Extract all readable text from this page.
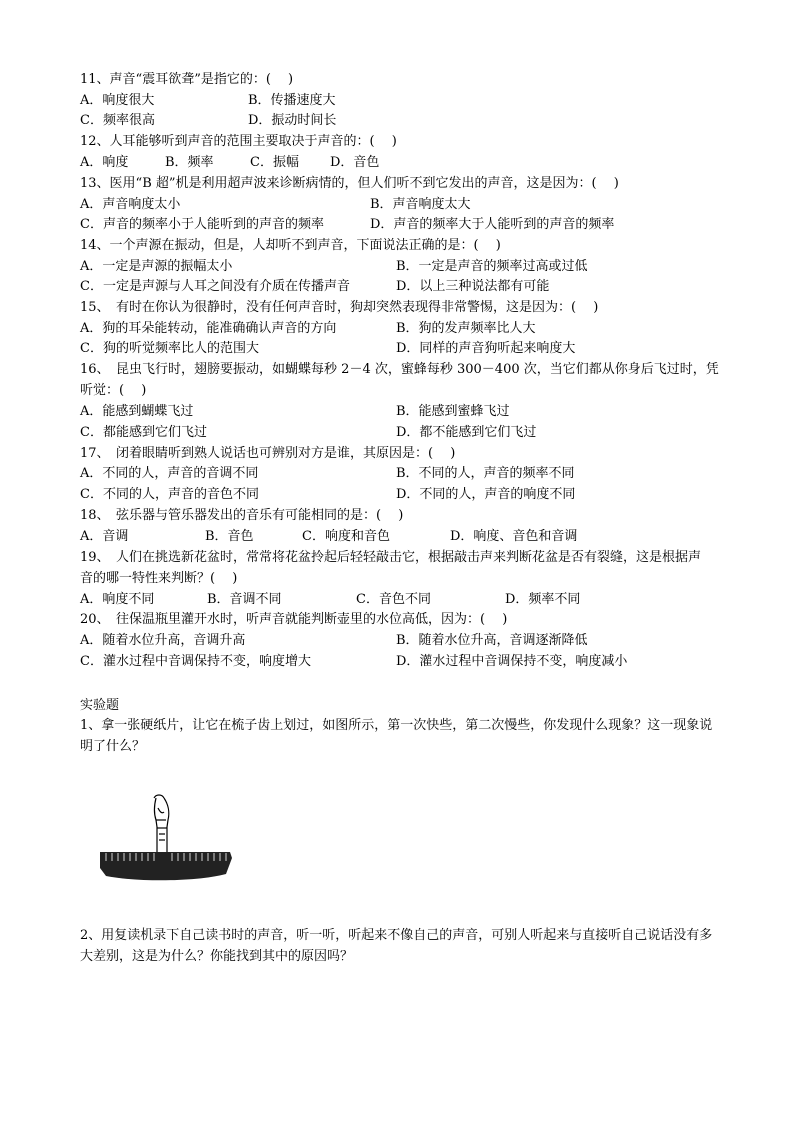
11、声音“震耳欲聋”是指它的：(　 )
A．响度很大	B．传播速度大
C．频率很高	D．振动时间长
12、人耳能够听到声音的范围主要取决于声音的：(　 )
A．响度	B．频率	C．振幅 D．音色
13、医用“B 超”机是利用超声波来诊断病情的，但人们听不到它发出的声音，这是因为：(　 )
A．声音响度太小	B．声音响度太大
C．声音的频率小于人能听到的声音的频率	D．声音的频率大于人能听到的声音的频率
14、一个声源在振动，但是，人却听不到声音，下面说法正确的是：(　 )
A．一定是声源的振幅太小	B．一定是声音的频率过高或过低
C．一定是声源与人耳之间没有介质在传播声音	D．以上三种说法都有可能
15、　有时在你认为很静时，没有任何声音时，狗却突然表现得非常警惕，这是因为：(　 )
A．狗的耳朵能转动，能准确确认声音的方向	B．狗的发声频率比人大
C．狗的听觉频率比人的范围大	D．同样的声音狗听起来响度大
16、　昆虫飞行时，翅膀要振动，如蝴蝶每秒 2－4 次，蜜蜂每秒 300－400 次，当它们都从你身后飞过时，凭
听觉：(　 )
A．能感到蝴蝶飞过	B．能感到蜜蜂飞过
C．都能感到它们飞过	D．都不能感到它们飞过
17、　闭着眼睛听到熟人说话也可辨别对方是谁，其原因是：(　 )
A．不同的人，声音的音调不同	B．不同的人，声音的频率不同
C．不同的人，声音的音色不同	D．不同的人，声音的响度不同
18、　弦乐器与管乐器发出的音乐有可能相同的是：(　 )
A．音调	B．音色	C．响度和音色	D．响度、音色和音调
19、　人们在挑选新花盆时，常常将花盆拎起后轻轻敲击它，根据敲击声来判断花盆是否有裂缝，这是根据声
音的哪一特性来判断？(　 )
A．响度不同	B．音调不同	C．音色不同	D．频率不同
20、　往保温瓶里灌开水时，听声音就能判断壶里的水位高低，因为：(　 )
A．随着水位升高，音调升高	B．随着水位升高，音调逐渐降低
C．灌水过程中音调保持不变，响度增大	D．灌水过程中音调保持不变，响度减小
实验题
1、拿一张硬纸片，让它在梳子齿上划过，如图所示，第一次快些，第二次慢些，你发现什么现象？这一现象说
明了什么？
2、用复读机录下自己读书时的声音，听一听，听起来不像自己的声音，可别人听起来与直接听自己说话没有多
大差别，这是为什么？你能找到其中的原因吗？
